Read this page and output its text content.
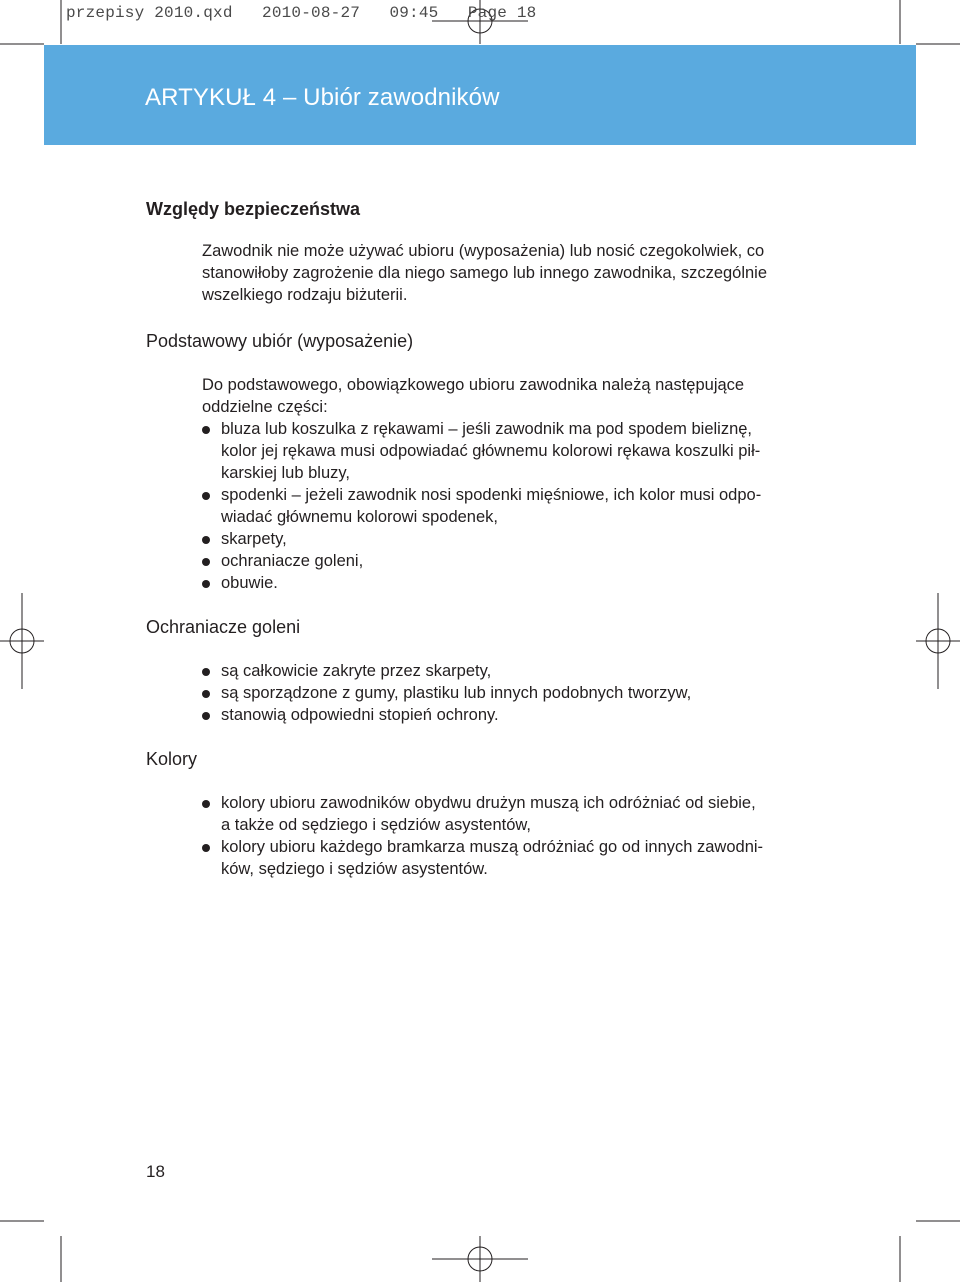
przepisy 2010.qxd   2010-08-27   09:45   Page 18
ARTYKUŁ 4 – Ubiór zawodników
Względy bezpieczeństwa
Zawodnik nie może używać ubioru (wyposażenia) lub nosić czegokolwiek, co
stanowiłoby zagrożenie dla niego samego lub innego zawodnika, szczególnie
wszelkiego rodzaju biżuterii.
Podstawowy ubiór (wyposażenie)
Do podstawowego, obowiązkowego ubioru zawodnika należą następujące
oddzielne części:
bluza lub koszulka z rękawami – jeśli zawodnik ma pod spodem bieliznę,
kolor jej rękawa musi odpowiadać głównemu kolorowi rękawa koszulki pił-
karskiej lub bluzy,
spodenki – jeżeli zawodnik nosi spodenki mięśniowe, ich kolor musi odpo-
wiadać głównemu kolorowi spodenek,
skarpety,
ochraniacze goleni,
obuwie.
Ochraniacze goleni
są całkowicie zakryte przez skarpety,
są sporządzone z gumy, plastiku lub innych podobnych tworzyw,
stanowią odpowiedni stopień ochrony.
Kolory
kolory ubioru zawodników obydwu drużyn muszą ich odróżniać od siebie,
a także od sędziego i sędziów asystentów,
kolory ubioru każdego bramkarza muszą odróżniać go od innych zawodni-
ków, sędziego i sędziów asystentów.
18
